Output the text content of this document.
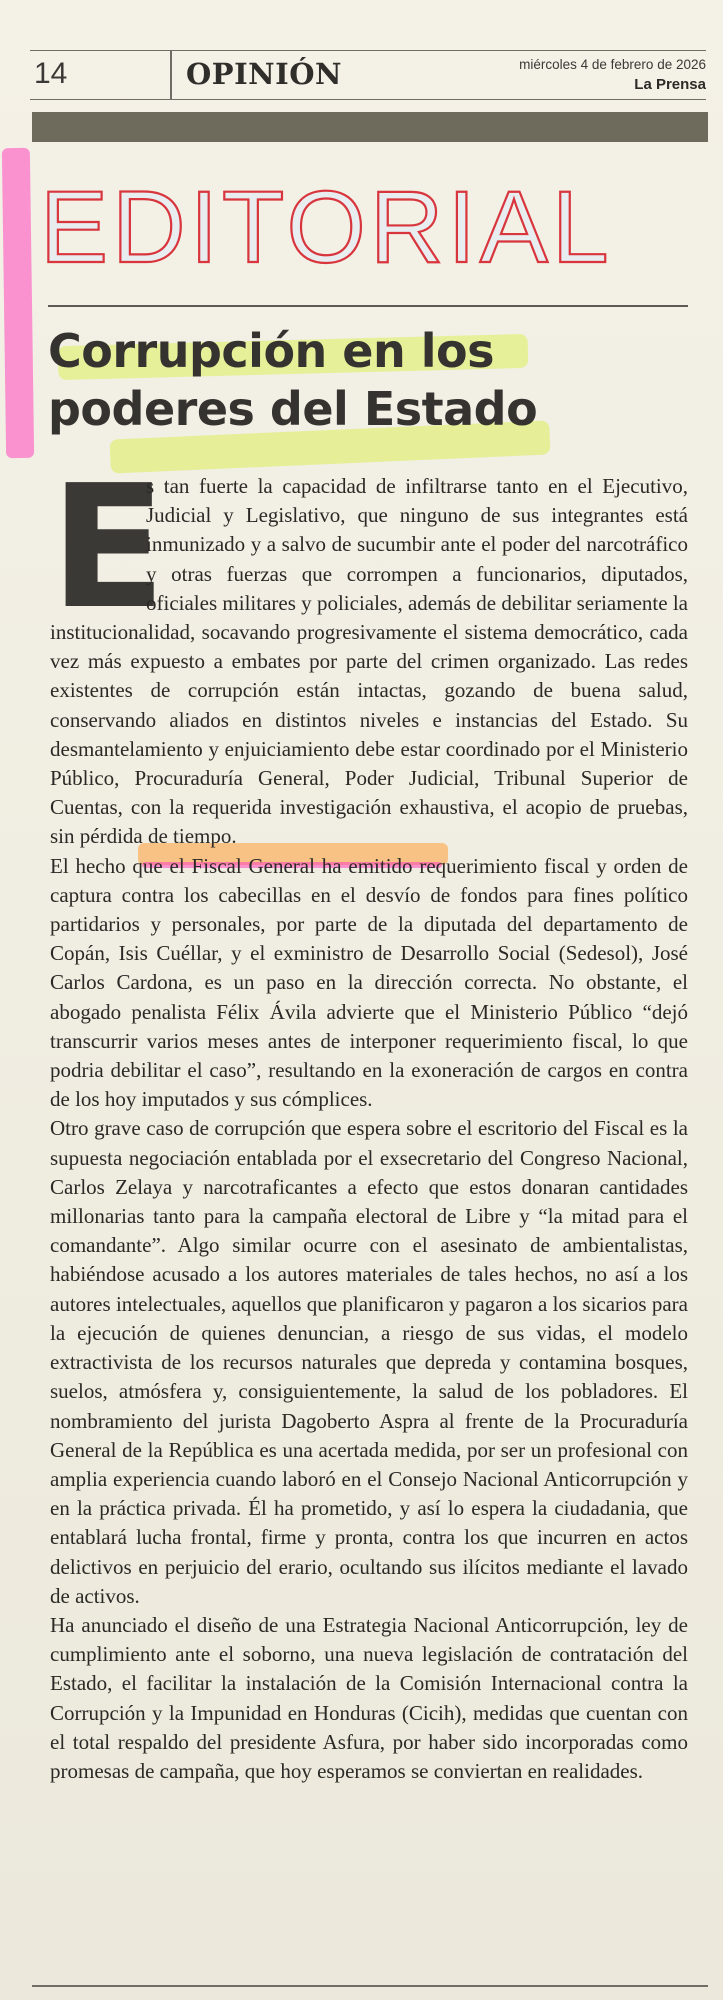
14	OPINIÓN	miércoles 4 de febrero de 2026
La Prensa
EDITORIAL
Corrupción en los
poderes del Estado
E

s tan fuerte la capacidad de infiltrarse tanto en el Ejecutivo, Judicial y Legislativo, que ninguno de sus integrantes está inmunizado y a salvo de sucumbir ante el poder del narcotráfico y otras fuerzas que corrompen a funcionarios, diputados, oficiales militares y policiales, además de debilitar seriamente la institucionalidad, socavando progresivamente el sistema democrático, cada vez más expuesto a embates por parte del crimen organizado. Las redes existentes de corrupción están intactas, gozando de buena salud, conservando aliados en distintos niveles e instancias del Estado. Su desmantelamiento y enjuiciamiento debe estar coordinado por el Ministerio Público, Procuraduría General, Poder Judicial, Tribunal Superior de Cuentas, con la requerida investigación exhaustiva, el acopio de pruebas, sin pérdida de tiempo.

El hecho que el Fiscal General ha emitido requerimiento fiscal y orden de captura contra los cabecillas en el desvío de fondos para fines político partidarios y personales, por parte de la diputada del departamento de Copán, Isis Cuéllar, y el exministro de Desarrollo Social (Sedesol), José Carlos Cardona, es un paso en la dirección correcta. No obstante, el abogado penalista Félix Ávila advierte que el Ministerio Público “dejó transcurrir varios meses antes de interponer requerimiento fiscal, lo que podria debilitar el caso”, resultando en la exoneración de cargos en contra de los hoy imputados y sus cómplices.

Otro grave caso de corrupción que espera sobre el escritorio del Fiscal es la supuesta negociación entablada por el exsecretario del Congreso Nacional, Carlos Zelaya y narcotraficantes a efecto que estos donaran cantidades millonarias tanto para la campaña electoral de Libre y “la mitad para el comandante”. Algo similar ocurre con el asesinato de ambientalistas, habiéndose acusado a los autores materiales de tales hechos, no así a los autores intelectuales, aquellos que planificaron y pagaron a los sicarios para la ejecución de quienes denuncian, a riesgo de sus vidas, el modelo extractivista de los recursos naturales que depreda y contamina bosques, suelos, atmósfera y, consiguientemente, la salud de los pobladores. El nombramiento del jurista Dagoberto Aspra al frente de la Procuraduría General de la República es una acertada medida, por ser un profesional con amplia experiencia cuando laboró en el Consejo Nacional Anticorrupción y en la práctica privada. Él ha prometido, y así lo espera la ciudadania, que entablará lucha frontal, firme y pronta, contra los que incurren en actos delictivos en perjuicio del erario, ocultando sus ilícitos mediante el lavado de activos.

Ha anunciado el diseño de una Estrategia Nacional Anticorrupción, ley de cumplimiento ante el soborno, una nueva legislación de contratación del Estado, el facilitar la instalación de la Comisión Internacional contra la Corrupción y la Impunidad en Honduras (Cicih), medidas que cuentan con el total respaldo del presidente Asfura, por haber sido incorporadas como promesas de campaña, que hoy esperamos se conviertan en realidades.
